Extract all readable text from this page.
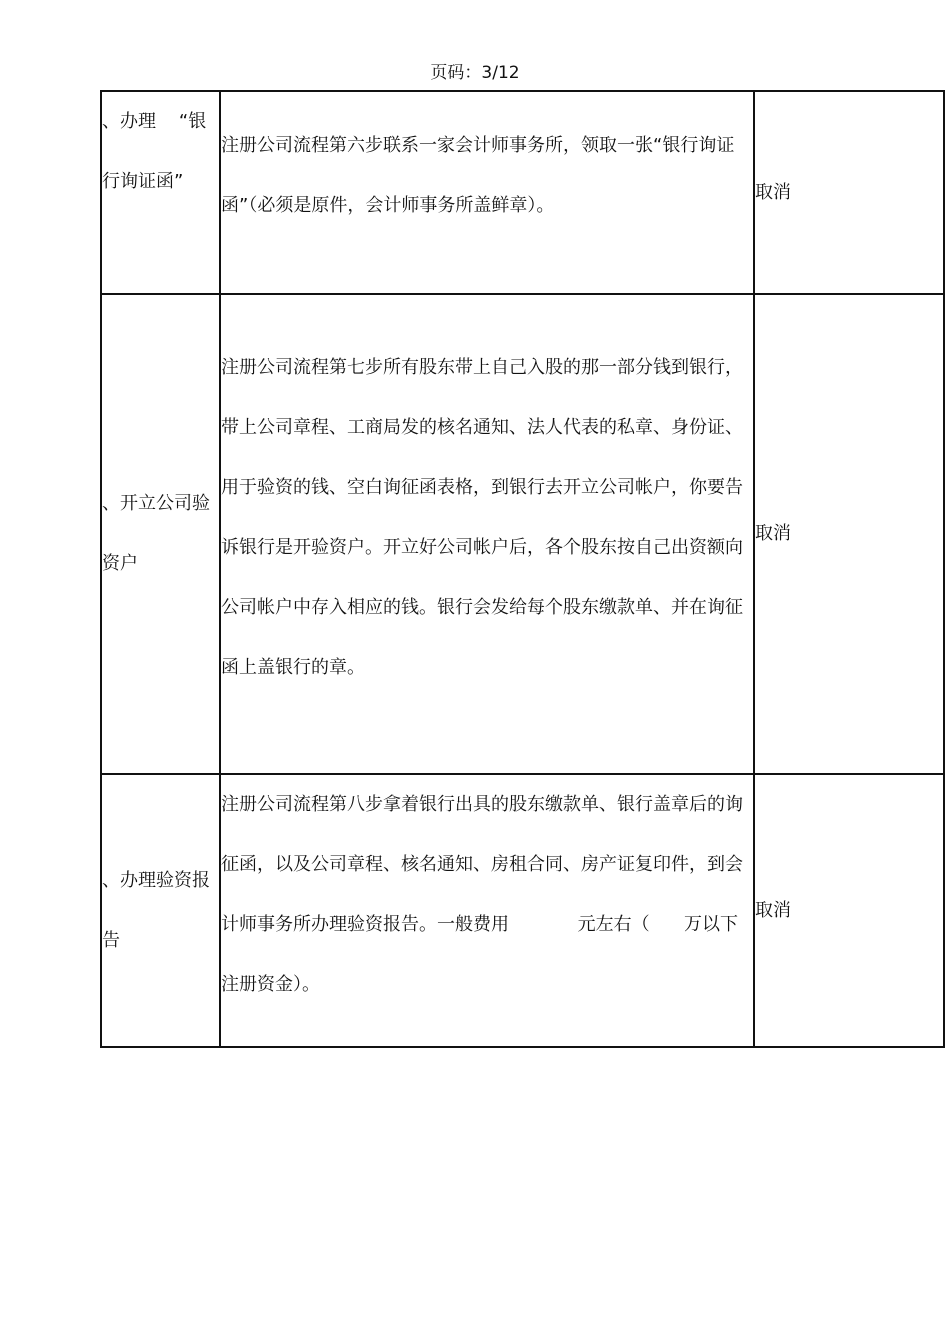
页码：3/12
、办理    “银行询证函”	注册公司流程第六步联系一家会计师事务所，领取一张“银行询证函”（必须是原件，会计师事务所盖鲜章）。	取消

、开立公司验资户	注册公司流程第七步所有股东带上自己入股的那一部分钱到银行，带上公司章程、工商局发的核名通知、法人代表的私章、身份证、用于验资的钱、空白询征函表格，到银行去开立公司帐户，你要告诉银行是开验资户。开立好公司帐户后，各个股东按自己出资额向公司帐户中存入相应的钱。银行会发给每个股东缴款单、并在询征函上盖银行的章。	取消

、办理验资报告	注册公司流程第八步拿着银行出具的股东缴款单、银行盖章后的询征函，以及公司章程、核名通知、房租合同、房产证复印件，到会计师事务所办理验资报告。一般费用            元左右（      万以下注册资金）。	取消
